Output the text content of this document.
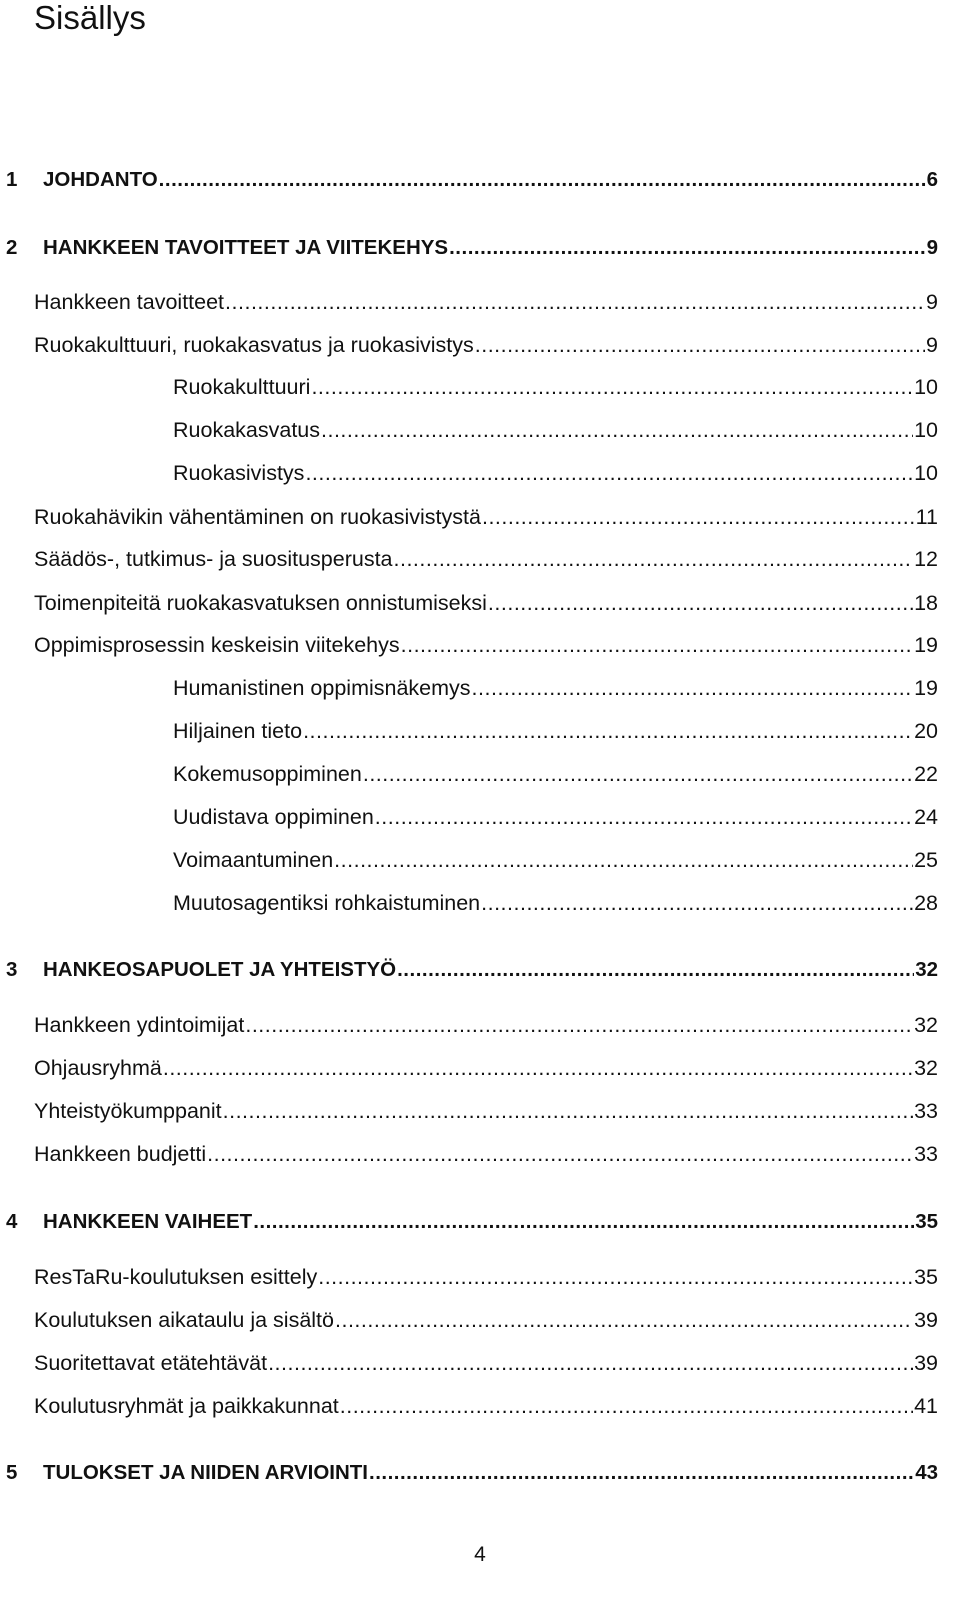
Sisällys
1	JOHDANTO .....	6
2	HANKKEEN TAVOITTEET JA VIITEKEHYS .....	9
Hankkeen tavoitteet .....	9
Ruokakulttuuri, ruokakasvatus ja ruokasivistys .....	9
Ruokakulttuuri .....	10
Ruokakasvatus .....	10
Ruokasivistys .....	10
Ruokahävikin vähentäminen on ruokasivistystä .....	11
Säädös-, tutkimus- ja suositusperusta .....	12
Toimenpiteitä ruokakasvatuksen onnistumiseksi .....	18
Oppimisprosessin keskeisin viitekehys .....	19
Humanistinen oppimisnäkemys .....	19
Hiljainen tieto .....	20
Kokemusoppiminen .....	22
Uudistava oppiminen .....	24
Voimaantuminen .....	25
Muutosagentiksi rohkaistuminen .....	28
3	HANKEOSAPUOLET JA YHTEISTYÖ .....	32
Hankkeen ydintoimijat .....	32
Ohjausryhmä .....	32
Yhteistyökumppanit .....	33
Hankkeen budjetti .....	33
4	HANKKEEN VAIHEET .....	35
ResTaRu-koulutuksen esittely .....	35
Koulutuksen aikataulu ja sisältö .....	39
Suoritettavat etätehtävät .....	39
Koulutusryhmät ja paikkakunnat .....	41
5	TULOKSET JA NIIDEN ARVIOINTI .....	43
4
